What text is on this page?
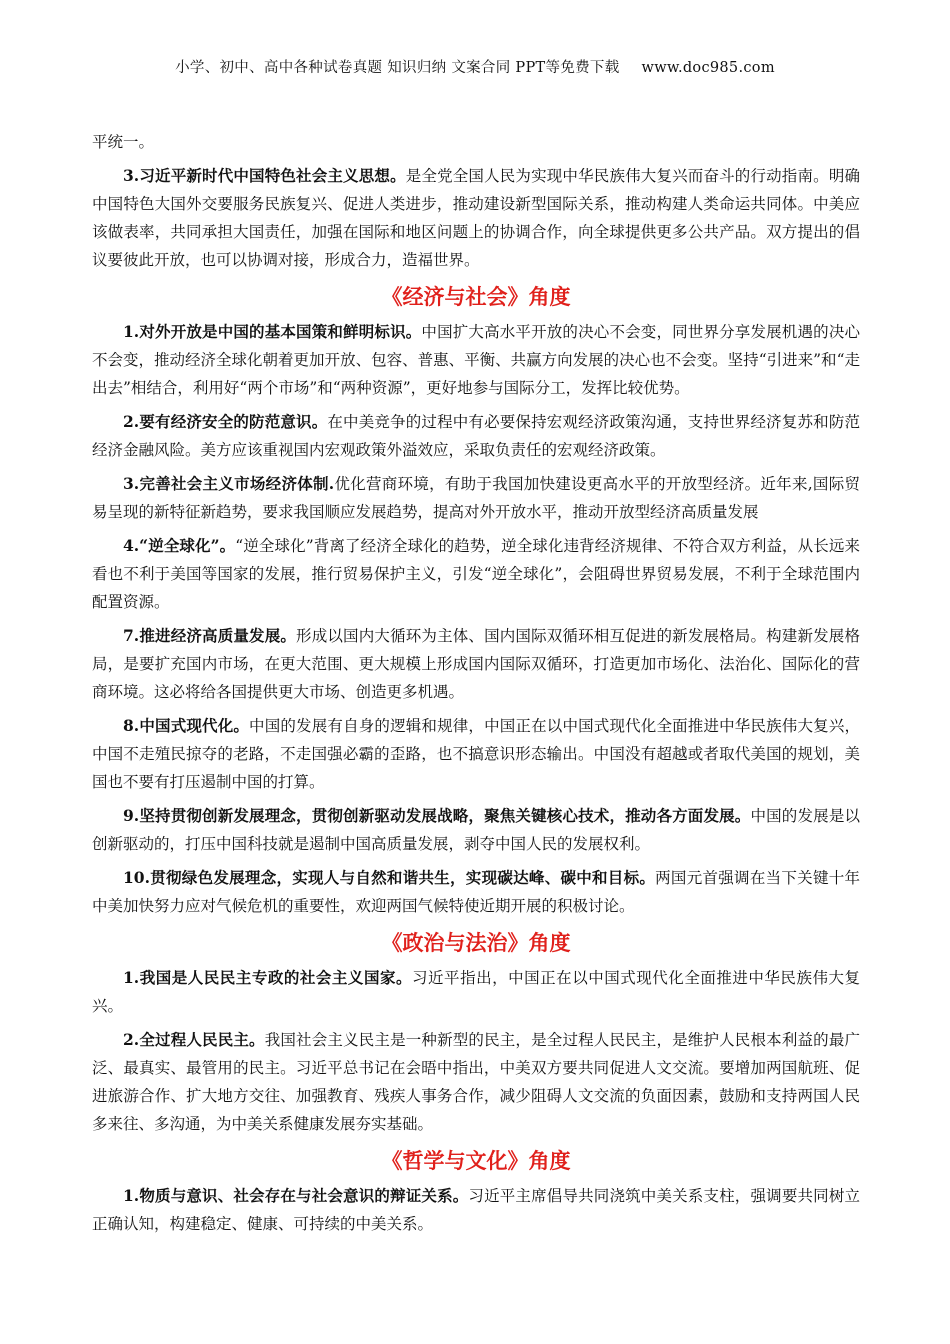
小学、初中、高中各种试卷真题 知识归纳 文案合同 PPT等免费下载 www.doc985.com

平统一。

3.习近平新时代中国特色社会主义思想。是全党全国人民为实现中华民族伟大复兴而奋斗的行动指南。明确中国特色大国外交要服务民族复兴、促进人类进步，推动建设新型国际关系，推动构建人类命运共同体。中美应该做表率，共同承担大国责任，加强在国际和地区问题上的协调合作，向全球提供更多公共产品。双方提出的倡议要彼此开放，也可以协调对接，形成合力，造福世界。

《经济与社会》角度

1.对外开放是中国的基本国策和鲜明标识。中国扩大高水平开放的决心不会变，同世界分享发展机遇的决心不会变，推动经济全球化朝着更加开放、包容、普惠、平衡、共赢方向发展的决心也不会变。坚持“引进来”和“走出去”相结合，利用好“两个市场”和“两种资源”，更好地参与国际分工，发挥比较优势。

2.要有经济安全的防范意识。在中美竞争的过程中有必要保持宏观经济政策沟通，支持世界经济复苏和防范经济金融风险。美方应该重视国内宏观政策外溢效应，采取负责任的宏观经济政策。

3.完善社会主义市场经济体制.优化营商环境，有助于我国加快建设更高水平的开放型经济。近年来,国际贸易呈现的新特征新趋势，要求我国顺应发展趋势，提高对外开放水平，推动开放型经济高质量发展

4.“逆全球化”。“逆全球化”背离了经济全球化的趋势，逆全球化违背经济规律、不符合双方利益，从长远来看也不利于美国等国家的发展，推行贸易保护主义，引发“逆全球化”，会阻碍世界贸易发展，不利于全球范围内配置资源。

7.推进经济高质量发展。形成以国内大循环为主体、国内国际双循环相互促进的新发展格局。构建新发展格局，是要扩充国内市场，在更大范围、更大规模上形成国内国际双循环，打造更加市场化、法治化、国际化的营商环境。这必将给各国提供更大市场、创造更多机遇。

8.中国式现代化。中国的发展有自身的逻辑和规律，中国正在以中国式现代化全面推进中华民族伟大复兴，中国不走殖民掠夺的老路，不走国强必霸的歪路，也不搞意识形态输出。中国没有超越或者取代美国的规划，美国也不要有打压遏制中国的打算。

9.坚持贯彻创新发展理念，贯彻创新驱动发展战略，聚焦关键核心技术，推动各方面发展。中国的发展是以创新驱动的，打压中国科技就是遏制中国高质量发展，剥夺中国人民的发展权利。

10.贯彻绿色发展理念，实现人与自然和谐共生，实现碳达峰、碳中和目标。两国元首强调在当下关键十年中美加快努力应对气候危机的重要性，欢迎两国气候特使近期开展的积极讨论。

《政治与法治》角度

1.我国是人民民主专政的社会主义国家。习近平指出，中国正在以中国式现代化全面推进中华民族伟大复兴。

2.全过程人民民主。我国社会主义民主是一种新型的民主，是全过程人民民主，是维护人民根本利益的最广泛、最真实、最管用的民主。习近平总书记在会晤中指出，中美双方要共同促进人文交流。要增加两国航班、促进旅游合作、扩大地方交往、加强教育、残疾人事务合作，减少阻碍人文交流的负面因素，鼓励和支持两国人民多来往、多沟通，为中美关系健康发展夯实基础。

《哲学与文化》角度

1.物质与意识、社会存在与社会意识的辩证关系。习近平主席倡导共同浇筑中美关系支柱，强调要共同树立正确认知，构建稳定、健康、可持续的中美关系。
